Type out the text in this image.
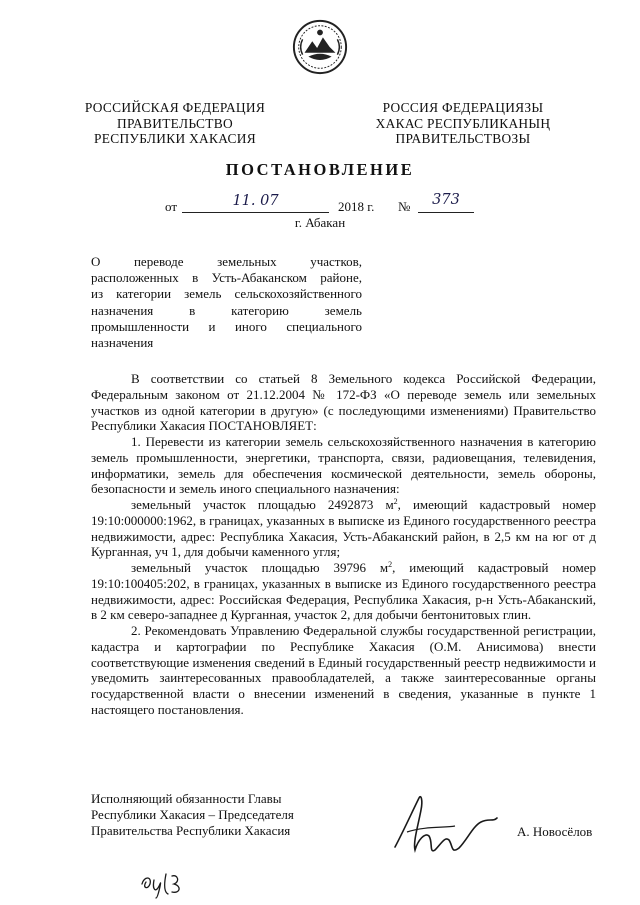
РОССИЙСКАЯ ФЕДЕРАЦИЯ
ПРАВИТЕЛЬСТВО
РЕСПУБЛИКИ ХАКАСИЯ
РОССИЯ ФЕДЕРАЦИЯЗЫ
ХАКАС РЕСПУБЛИКАНЫҢ
ПРАВИТЕЛЬСТВОЗЫ
ПОСТАНОВЛЕНИЕ
от	11. 07	2018 г. №	373
г. Абакан
О переводе земельных участков,
расположенных в Усть-Абаканском районе,
из категории земель сельскохозяйственного
назначения в категорию земель
промышленности и иного специального
назначения

В соответствии со статьей 8 Земельного кодекса Российской Федерации, Федеральным законом от 21.12.2004 № 172-ФЗ «О переводе земель или земельных участков из одной категории в другую» (с последующими изменениями) Правительство Республики Хакасия ПОСТАНОВЛЯЕТ:

1. Перевести из категории земель сельскохозяйственного назначения в категорию земель промышленности, энергетики, транспорта, связи, радиовещания, телевидения, информатики, земель для обеспечения космической деятельности, земель обороны, безопасности и земель иного специального назначения:

земельный участок площадью 2492873 $м^2$, имеющий кадастровый номер 19:10:000000:1962, в границах, указанных в выписке из Единого государственного реестра недвижимости, адрес: Республика Хакасия, Усть-Абаканский район, в 2,5 км на юг от д Курганная, уч 1, для добычи каменного угля;

земельный участок площадью 39796 $м^2$, имеющий кадастровый номер 19:10:100405:202, в границах, указанных в выписке из Единого государственного реестра недвижимости, адрес: Российская Федерация, Республика Хакасия, р-н Усть-Абаканский, в 2 км северо-западнее д Курганная, участок 2, для добычи бентонитовых глин.

2. Рекомендовать Управлению Федеральной службы государственной регистрации, кадастра и картографии по Республике Хакасия (О.М. Анисимова) внести соответствующие изменения сведений в Единый государственный реестр недвижимости и уведомить заинтересованных правообладателей, а также заинтересованные органы государственной власти о внесении изменений в сведения, указанные в пункте 1 настоящего постановления.

Исполняющий обязанности Главы
Республики Хакасия – Председателя
Правительства Республики Хакасия	А. Новосёлов
